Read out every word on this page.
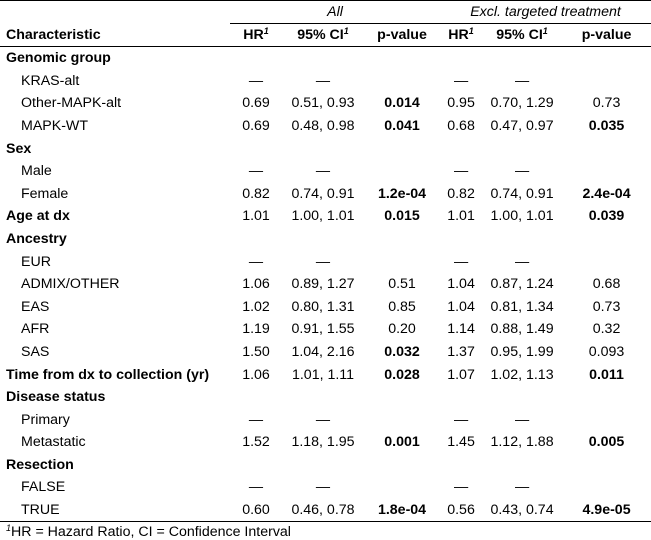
	All			Excl. targeted treatment		
Characteristic	$HR^1$	95% $CI^1$	p-value	$HR^1$	95% $CI^1$	p-value
Genomic group						
KRAS-alt	—	—		—	—	
Other-MAPK-alt	0.69	0.51, 0.93	0.014	0.95	0.70, 1.29	0.73
MAPK-WT	0.69	0.48, 0.98	0.041	0.68	0.47, 0.97	0.035
Sex						
Male	—	—		—	—	
Female	0.82	0.74, 0.91	1.2e-04	0.82	0.74, 0.91	2.4e-04
Age at dx	1.01	1.00, 1.01	0.015	1.01	1.00, 1.01	0.039
Ancestry						
EUR	—	—		—	—	
ADMIX/OTHER	1.06	0.89, 1.27	0.51	1.04	0.87, 1.24	0.68
EAS	1.02	0.80, 1.31	0.85	1.04	0.81, 1.34	0.73
AFR	1.19	0.91, 1.55	0.20	1.14	0.88, 1.49	0.32
SAS	1.50	1.04, 2.16	0.032	1.37	0.95, 1.99	0.093
Time from dx to collection (yr)	1.06	1.01, 1.11	0.028	1.07	1.02, 1.13	0.011
Disease status						
Primary	—	—		—	—	
Metastatic	1.52	1.18, 1.95	0.001	1.45	1.12, 1.88	0.005
Resection						
FALSE	—	—		—	—	
TRUE	0.60	0.46, 0.78	1.8e-04	0.56	0.43, 0.74	4.9e-05
$^1$HR = Hazard Ratio, CI = Confidence Interval
